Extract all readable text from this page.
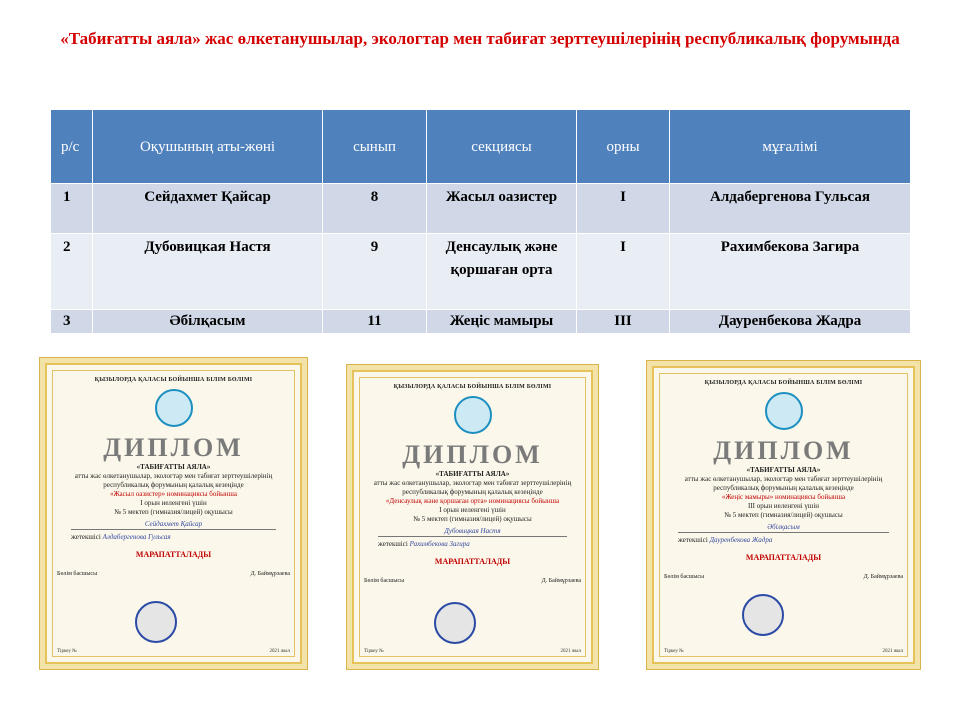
«Табиғатты аяла» жас өлкетанушылар, экологтар мен табиғат зерттеушілерінің республикалық форумында
р/с	Оқушының аты-жөні	сынып	секциясы	орны	мұғалімі
1	Сейдахмет Қайсар	8	Жасыл оазистер	I	Алдабергенова Гульсая
2	Дубовицкая Настя	9	Денсаулық және қоршаған орта	I	Рахимбекова Загира
3	Әбілқасым	11	Жеңіс мамыры	III	Дауренбекова Жадра
ҚЫЗЫЛОРДА ҚАЛАСЫ БОЙЫНША БІЛІМ БӨЛІМІ
ДИПЛОМ
«ТАБИҒАТТЫ АЯЛА»
атты жас өлкетанушылар, экологтар мен табиғат зерттеушілерінің республикалық форумының қалалық кезеңінде
«Жасыл оазистер» номинациясы бойынша
I орын иеленгені үшін
№ 5 мектеп (гимназия/лицей) оқушысы
Сейдахмет Қайсар
жетекшісі Алдабергенова Гульсая
МАРАПАТТАЛАДЫ
Бөлім басшысы	Д. Баймұрзаева
Тіркеу №	2021 жыл
ҚЫЗЫЛОРДА ҚАЛАСЫ БОЙЫНША БІЛІМ БӨЛІМІ
ДИПЛОМ
«ТАБИҒАТТЫ АЯЛА»
атты жас өлкетанушылар, экологтар мен табиғат зерттеушілерінің республикалық форумының қалалық кезеңінде
«Денсаулық және қоршаған орта» номинациясы бойынша
I орын иеленгені үшін
№ 5 мектеп (гимназия/лицей) оқушысы
Дубовицкая Настя
жетекшісі Рахимбекова Загира
МАРАПАТТАЛАДЫ
Бөлім басшысы	Д. Баймұрзаева
Тіркеу №	2021 жыл
ҚЫЗЫЛОРДА ҚАЛАСЫ БОЙЫНША БІЛІМ БӨЛІМІ
ДИПЛОМ
«ТАБИҒАТТЫ АЯЛА»
атты жас өлкетанушылар, экологтар мен табиғат зерттеушілерінің республикалық форумының қалалық кезеңінде
«Жеңіс мамыры» номинациясы бойынша
III орын иеленгені үшін
№ 5 мектеп (гимназия/лицей) оқушысы
Әбілқасым
жетекшісі Дауренбекова Жадра
МАРАПАТТАЛАДЫ
Бөлім басшысы	Д. Баймұрзаева
Тіркеу №	2021 жыл
